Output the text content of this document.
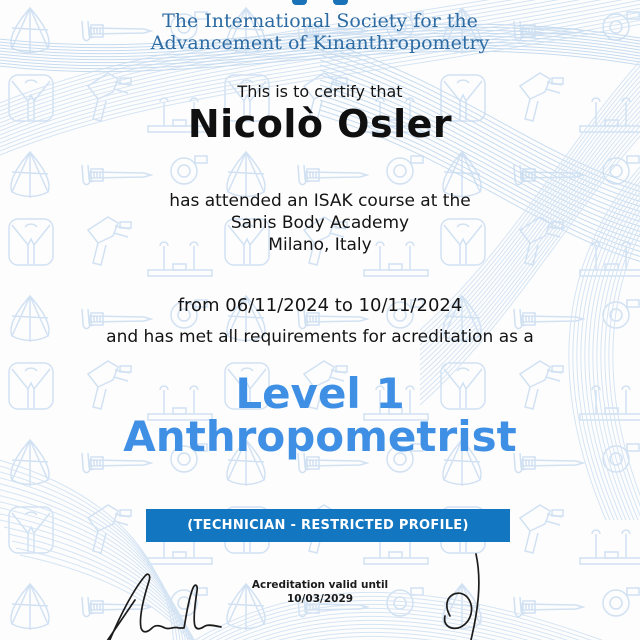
The International Society for the
Advancement of Kinanthropometry
This is to certify that
Nicolò Osler
has attended an ISAK course at the
Sanis Body Academy
Milano, Italy
from 06/11/2024 to 10/11/2024
and has met all requirements for acreditation as a
Level 1
Anthropometrist
(TECHNICIAN - RESTRICTED PROFILE)
Acreditation valid until
10/03/2029
